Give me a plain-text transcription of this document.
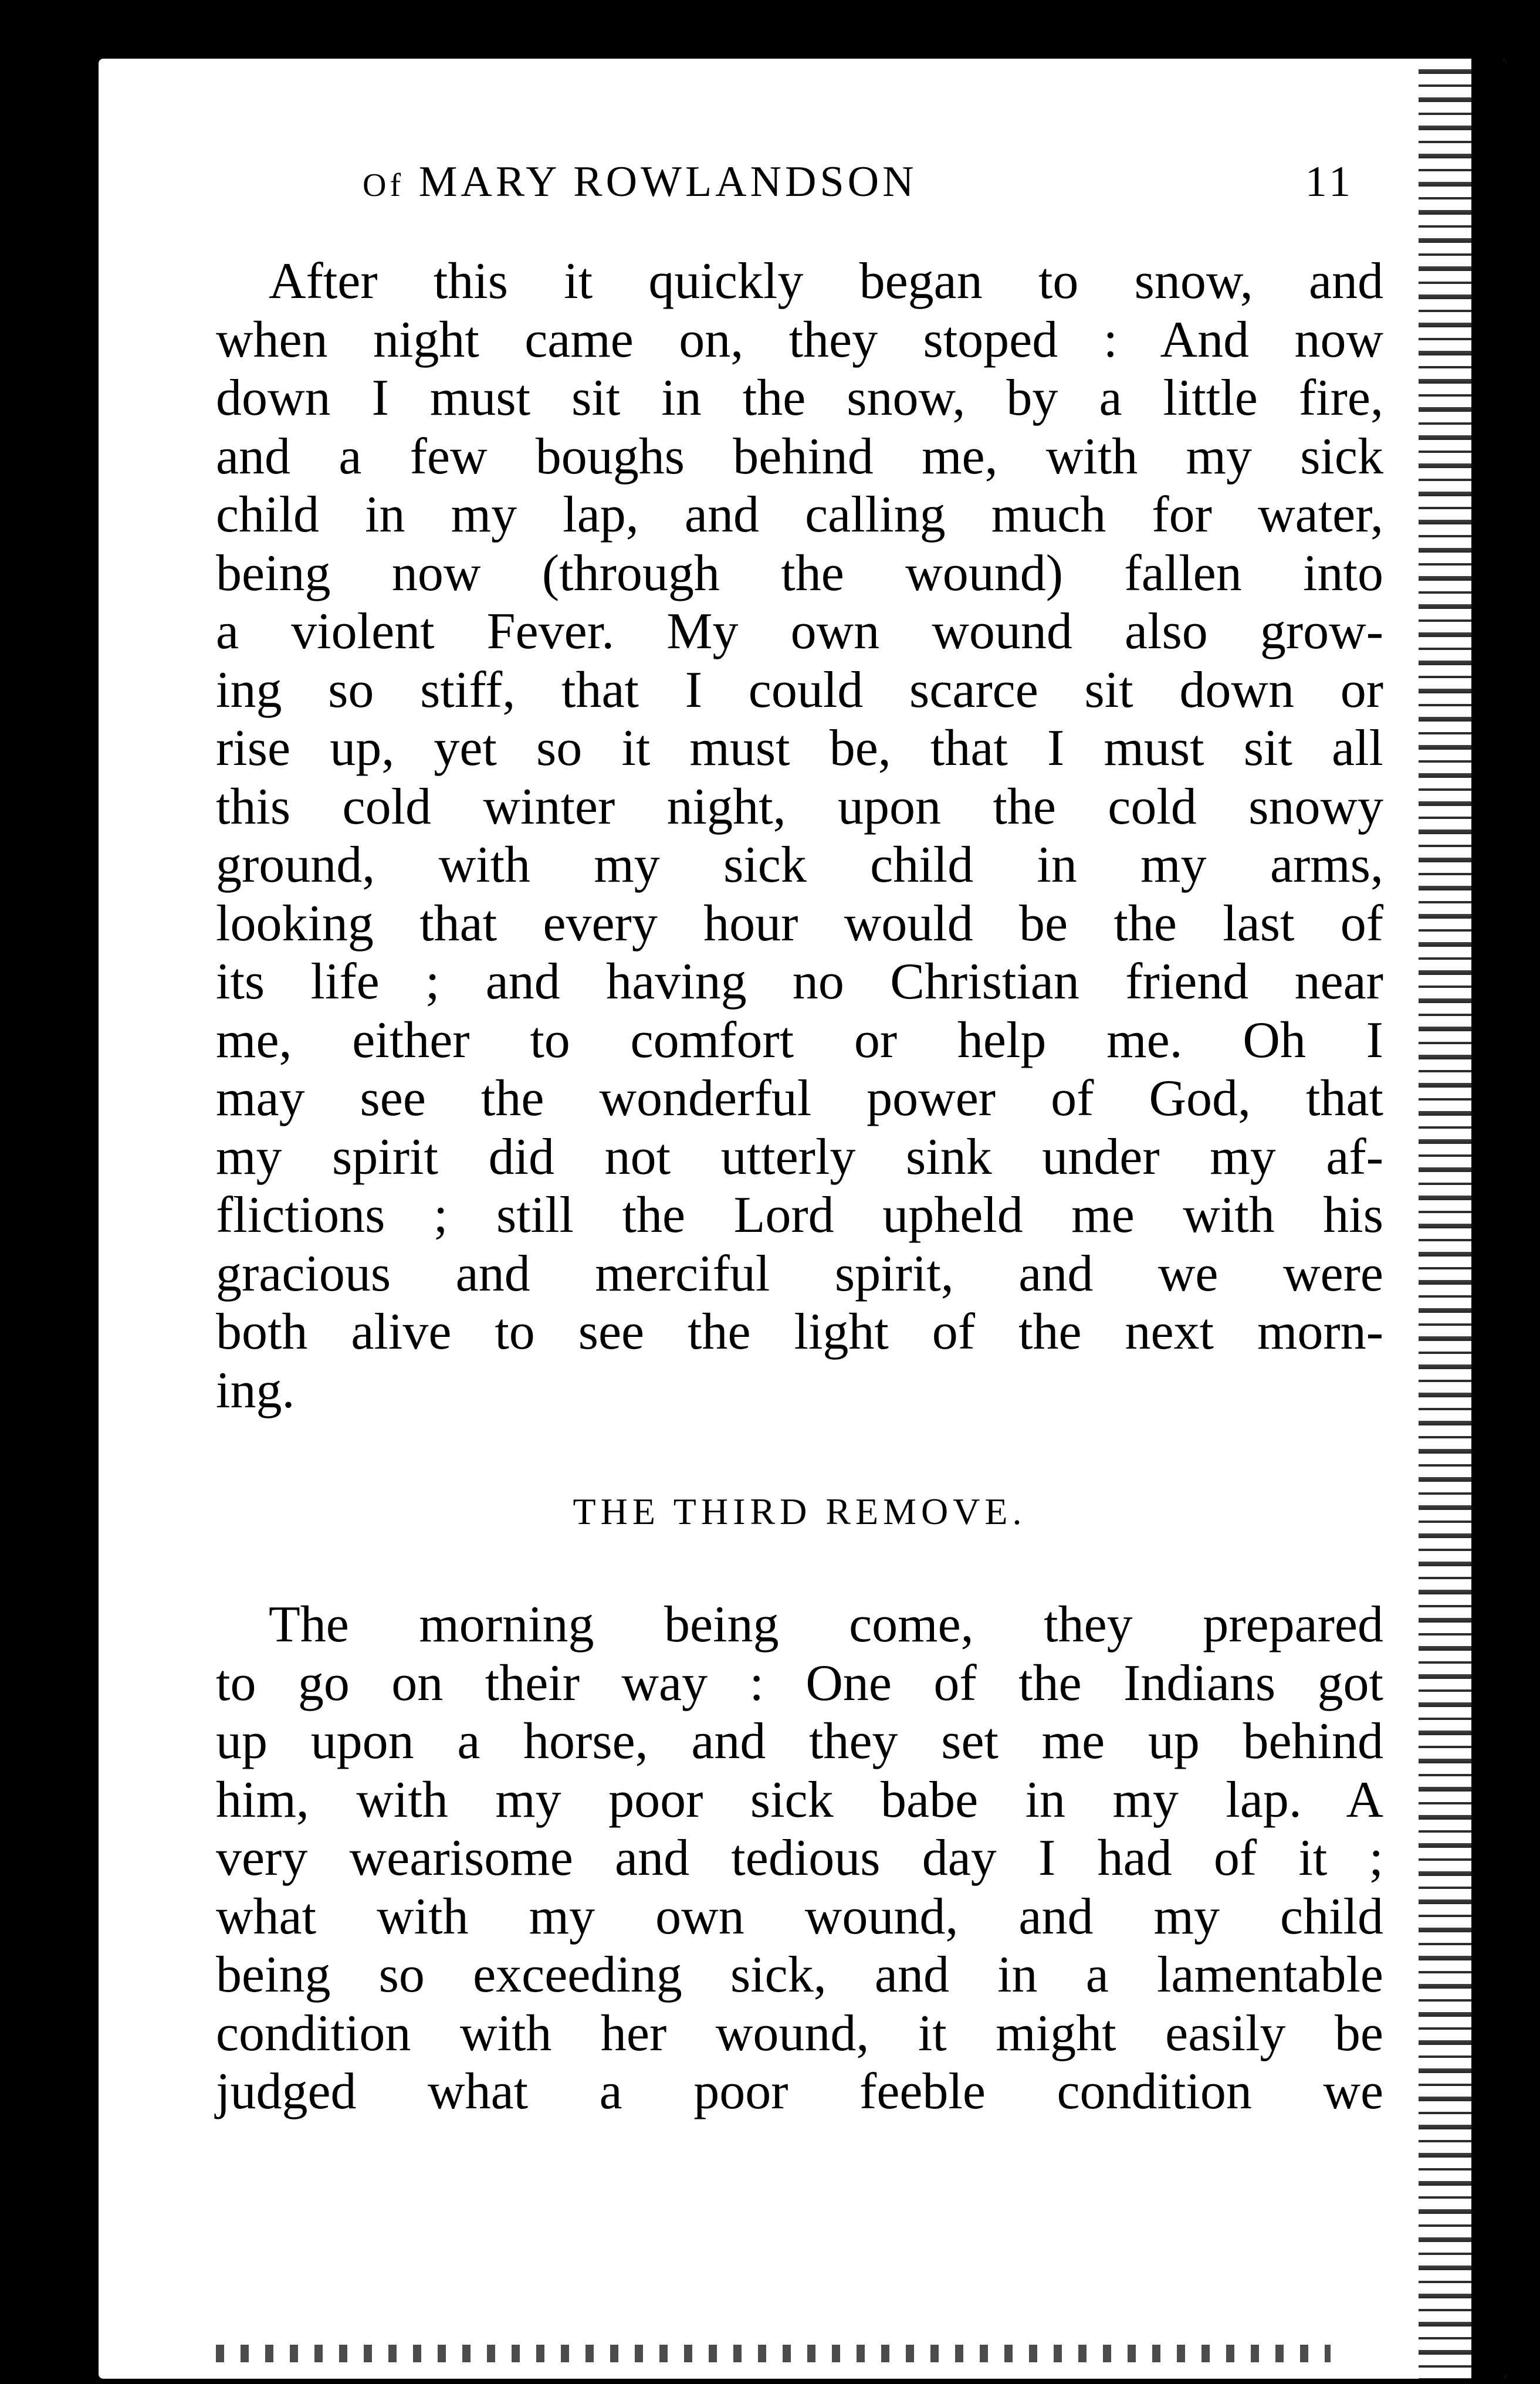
Of MARY ROWLANDSON	11
After this it quickly began to snow, and
when night came on, they stoped : And now
down I must sit in the snow, by a little fire,
and a few boughs behind me, with my sick
child in my lap, and calling much for water,
being now (through the wound) fallen into
a violent Fever. My own wound also grow-
ing so stiff, that I could scarce sit down or
rise up, yet so it must be, that I must sit all
this cold winter night, upon the cold snowy
ground, with my sick child in my arms,
looking that every hour would be the last of
its life ; and having no Christian friend near
me, either to comfort or help me. Oh I
may see the wonderful power of God, that
my spirit did not utterly sink under my af-
flictions ; still the Lord upheld me with his
gracious and merciful spirit, and we were
both alive to see the light of the next morn-
ing.
THE THIRD REMOVE.
The morning being come, they prepared
to go on their way : One of the Indians got
up upon a horse, and they set me up behind
him, with my poor sick babe in my lap. A
very wearisome and tedious day I had of it ;
what with my own wound, and my child
being so exceeding sick, and in a lamentable
condition with her wound, it might easily be
judged what a poor feeble condition we
